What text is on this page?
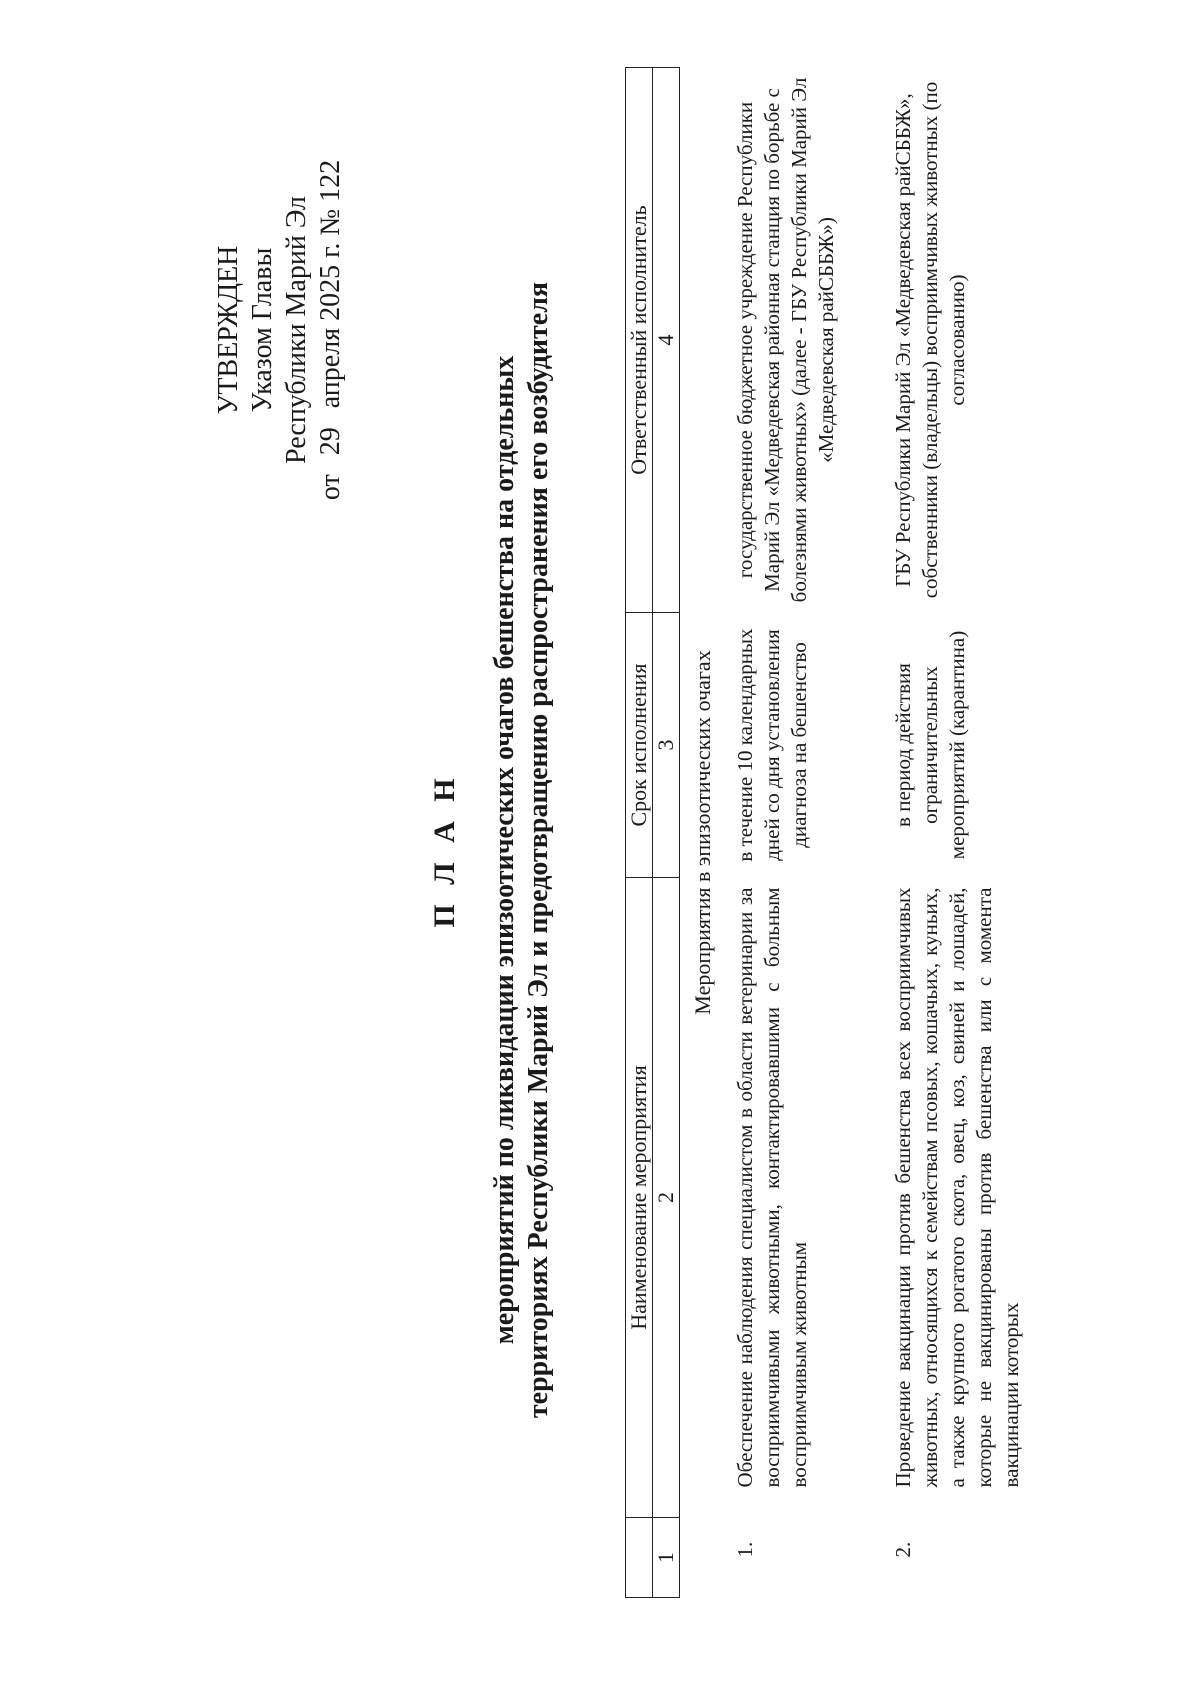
УТВЕРЖДЕН Указом Главы Республики Марий Эл
от 29 апреля 2025 г. № 122
П Л А Н мероприятий по ликвидации эпизоотических очагов бешенства на отдельных территориях Республики Марий Эл и предотвращению распространения его возбудителя
		Наименование мероприятия	Срок исполнения	Ответственный исполнитель
1	2	3	4
Мероприятия в эпизоотических очагах			
1.	Обеспечение наблюдения специалистом в области ветеринарии за восприимчивыми животными, контактировавшими с больным восприимчивым животным	в течение 10 календарных дней со дня установления диагноза на бешенство	государственное бюджетное учреждение Республики Марий Эл «Медведевская районная станция по борьбе с болезнями животных» (далее - ГБУ Республики Марий Эл «Медведевская райСББЖ»)
2.	Проведение вакцинации против бешенства всех восприимчивых животных, относящихся к семействам псовых, кошачьих, куньих, а также крупного рогатого скота, овец, коз, свиней и лошадей, которые не вакцинированы против бешенства или с момента вакцинации которых	в период действия ограничительных мероприятий (карантина)	ГБУ Республики Марий Эл «Медведевская райСББЖ», собственники (владельцы) восприимчивых животных (по согласованию)
